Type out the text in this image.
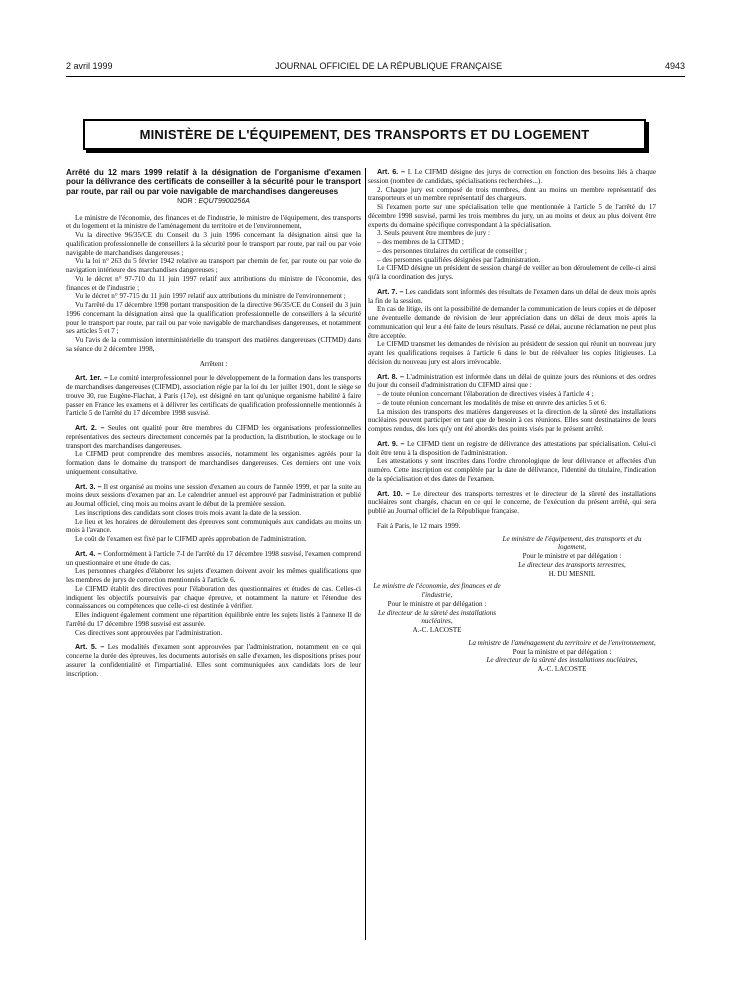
2 avril 1999	JOURNAL OFFICIEL DE LA RÉPUBLIQUE FRANÇAISE	4943
MINISTÈRE DE L'ÉQUIPEMENT, DES TRANSPORTS ET DU LOGEMENT

Arrêté du 12 mars 1999 relatif à la désignation de l'organisme d'examen pour la délivrance des certificats de conseiller à la sécurité pour le transport par route, par rail ou par voie navigable de marchandises dangereuses

NOR : EQUT9900256A

Le ministre de l'économie, des finances et de l'industrie, le ministre de l'équipement, des transports et du logement et la ministre de l'aménagement du territoire et de l'environnement,

Vu la directive 96/35/CE du Conseil du 3 juin 1996 concernant la désignation ainsi que la qualification professionnelle de conseillers à la sécurité pour le transport par route, par rail ou par voie navigable de marchandises dangereuses ;

Vu la loi n° 263 du 5 février 1942 relative au transport par chemin de fer, par route ou par voie de navigation intérieure des marchandises dangereuses ;

Vu le décret n° 97-710 du 11 juin 1997 relatif aux attributions du ministre de l'économie, des finances et de l'industrie ;

Vu le décret n° 97-715 du 11 juin 1997 relatif aux attributions du ministre de l'environnement ;

Vu l'arrêté du 17 décembre 1998 portant transposition de la directive 96/35/CE du Conseil du 3 juin 1996 concernant la désignation ainsi que la qualification professionnelle de conseillers à la sécurité pour le transport par route, par rail ou par voie navigable de marchandises dangereuses, et notamment ses articles 5 et 7 ;

Vu l'avis de la commission interministérielle du transport des matières dangereuses (CITMD) dans sa séance du 2 décembre 1998,

Arrêtent :

Art. 1er. – Le comité interprofessionnel pour le développement de la formation dans les transports de marchandises dangereuses (CIFMD), association régie par la loi du 1er juillet 1901, dont le siège se trouve 30, rue Eugène-Flachat, à Paris (17e), est désigné en tant qu'unique organisme habilité à faire passer en France les examens et à délivrer les certificats de qualification professionnelle mentionnés à l'article 5 de l'arrêté du 17 décembre 1998 susvisé.

Art. 2. – Seules ont qualité pour être membres du CIFMD les organisations professionnelles représentatives des secteurs directement concernés par la production, la distribution, le stockage ou le transport des marchandises dangereuses.

Le CIFMD peut comprendre des membres associés, notamment les organismes agréés pour la formation dans le domaine du transport de marchandises dangereuses. Ces derniers ont une voix uniquement consultative.

Art. 3. – Il est organisé au moins une session d'examen au cours de l'année 1999, et par la suite au moins deux sessions d'examen par an. Le calendrier annuel est approuvé par l'administration et publié au Journal officiel, cinq mois au moins avant le début de la première session.

Les inscriptions des candidats sont closes trois mois avant la date de la session.

Le lieu et les horaires de déroulement des épreuves sont communiqués aux candidats au moins un mois à l'avance.

Le coût de l'examen est fixé par le CIFMD après approbation de l'administration.

Art. 4. – Conformément à l'article 7-I de l'arrêté du 17 décembre 1998 susvisé, l'examen comprend un questionnaire et une étude de cas.

Les personnes chargées d'élaborer les sujets d'examen doivent avoir les mêmes qualifications que les membres de jurys de correction mentionnés à l'article 6.

Le CIFMD établit des directives pour l'élaboration des questionnaires et études de cas. Celles-ci indiquent les objectifs poursuivis par chaque épreuve, et notamment la nature et l'étendue des connaissances ou compétences que celle-ci est destinée à vérifier.

Elles indiquent également comment une répartition équilibrée entre les sujets listés à l'annexe II de l'arrêté du 17 décembre 1998 susvisé est assurée.

Ces directives sont approuvées par l'administration.

Art. 5. – Les modalités d'examen sont approuvées par l'administration, notamment en ce qui concerne la durée des épreuves, les documents autorisés en salle d'examen, les dispositions prises pour assurer la confidentialité et l'impartialité. Elles sont communiquées aux candidats lors de leur inscription.

Art. 6. – I. Le CIFMD désigne des jurys de correction en fonction des besoins liés à chaque session (nombre de candidats, spécialisations recherchées...).

2. Chaque jury est composé de trois membres, dont au moins un membre représentatif des transporteurs et un membre représentatif des chargeurs.

Si l'examen porte sur une spécialisation telle que mentionnée à l'article 5 de l'arrêté du 17 décembre 1998 susvisé, parmi les trois membres du jury, un au moins et deux au plus doivent être experts du domaine spécifique correspondant à la spécialisation.

3. Seuls peuvent être membres de jury :

– des membres de la CITMD ;
– des personnes titulaires du certificat de conseiller ;
– des personnes qualifiées désignées par l'administration.

Le CIFMD désigne un président de session chargé de veiller au bon déroulement de celle-ci ainsi qu'à la coordination des jurys.

Art. 7. – Les candidats sont informés des résultats de l'examen dans un délai de deux mois après la fin de la session.

En cas de litige, ils ont la possibilité de demander la communication de leurs copies et de déposer une éventuelle demande de révision de leur appréciation dans un délai de deux mois après la communication qui leur a été faite de leurs résultats. Passé ce délai, aucune réclamation ne peut plus être acceptée.

Le CIFMD transmet les demandes de révision au président de session qui réunit un nouveau jury ayant les qualifications requises à l'article 6 dans le but de réévaluer les copies litigieuses. La décision du nouveau jury est alors irrévocable.

Art. 8. – L'administration est informée dans un délai de quinze jours des réunions et des ordres du jour du conseil d'administration du CIFMD ainsi que :

– de toute réunion concernant l'élaboration de directives visées à l'article 4 ;
– de toute réunion concernant les modalités de mise en œuvre des articles 5 et 6.

La mission des transports des matières dangereuses et la direction de la sûreté des installations nucléaires peuvent participer en tant que de besoin à ces réunions. Elles sont destinataires de leurs comptes rendus, dès lors qu'y ont été abordés des points visés par le présent arrêté.

Art. 9. – Le CIFMD tient un registre de délivrance des attestations par spécialisation. Celui-ci doit être tenu à la disposition de l'administration.

Les attestations y sont inscrites dans l'ordre chronologique de leur délivrance et affectées d'un numéro. Cette inscription est complétée par la date de délivrance, l'identité du titulaire, l'indication de la spécialisation et des dates de l'examen.

Art. 10. – Le directeur des transports terrestres et le directeur de la sûreté des installations nucléaires sont chargés, chacun en ce qui le concerne, de l'exécution du présent arrêté, qui sera publié au Journal officiel de la République française.

Fait à Paris, le 12 mars 1999.

Le ministre de l'équipement, des transports et du logement,

Pour le ministre et par délégation :

Le directeur des transports terrestres,

H. DU MESNIL

Le ministre de l'économie, des finances et de l'industrie,

Pour le ministre et par délégation :

Le directeur de la sûreté des installations nucléaires,

A.-C. LACOSTE

La ministre de l'aménagement du territoire et de l'environnement,

Pour la ministre et par délégation :

Le directeur de la sûreté des installations nucléaires,

A.-C. LACOSTE
